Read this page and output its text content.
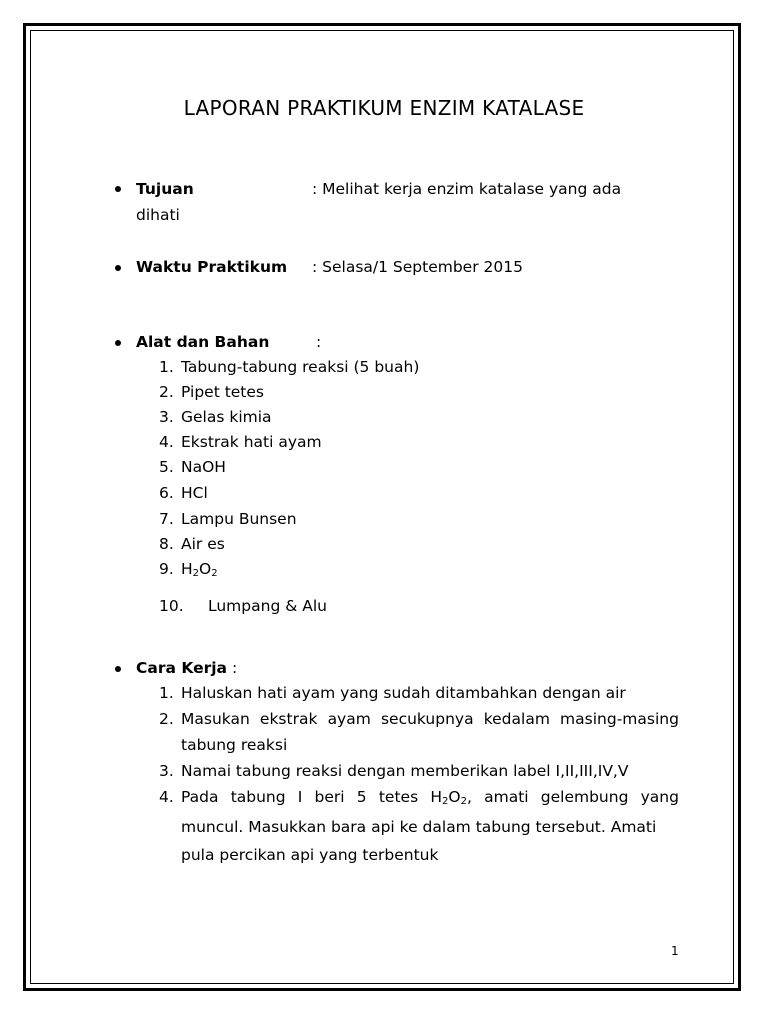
LAPORAN PRAKTIKUM ENZIM KATALASE
Tujuan	: Melihat kerja enzim katalase yang ada
dihati
Waktu Praktikum : Selasa/1 September 2015
Alat dan Bahan	:
1. Tabung-tabung reaksi (5 buah)
2. Pipet tetes
3. Gelas kimia
4. Ekstrak hati ayam
5. NaOH
6. HCl
7. Lampu Bunsen
8. Air es
9. $H_2O_2$
10. Lumpang & Alu
Cara Kerja :
1. Haluskan hati ayam yang sudah ditambahkan dengan air
2. Masukan ekstrak ayam secukupnya kedalam masing-masing
tabung reaksi
3. Namai tabung reaksi dengan memberikan label I,II,III,IV,V
4. Pada tabung I beri 5 tetes $H_2O_2$, amati gelembung yang
muncul. Masukkan bara api ke dalam tabung tersebut. Amati
pula percikan api yang terbentuk
1
